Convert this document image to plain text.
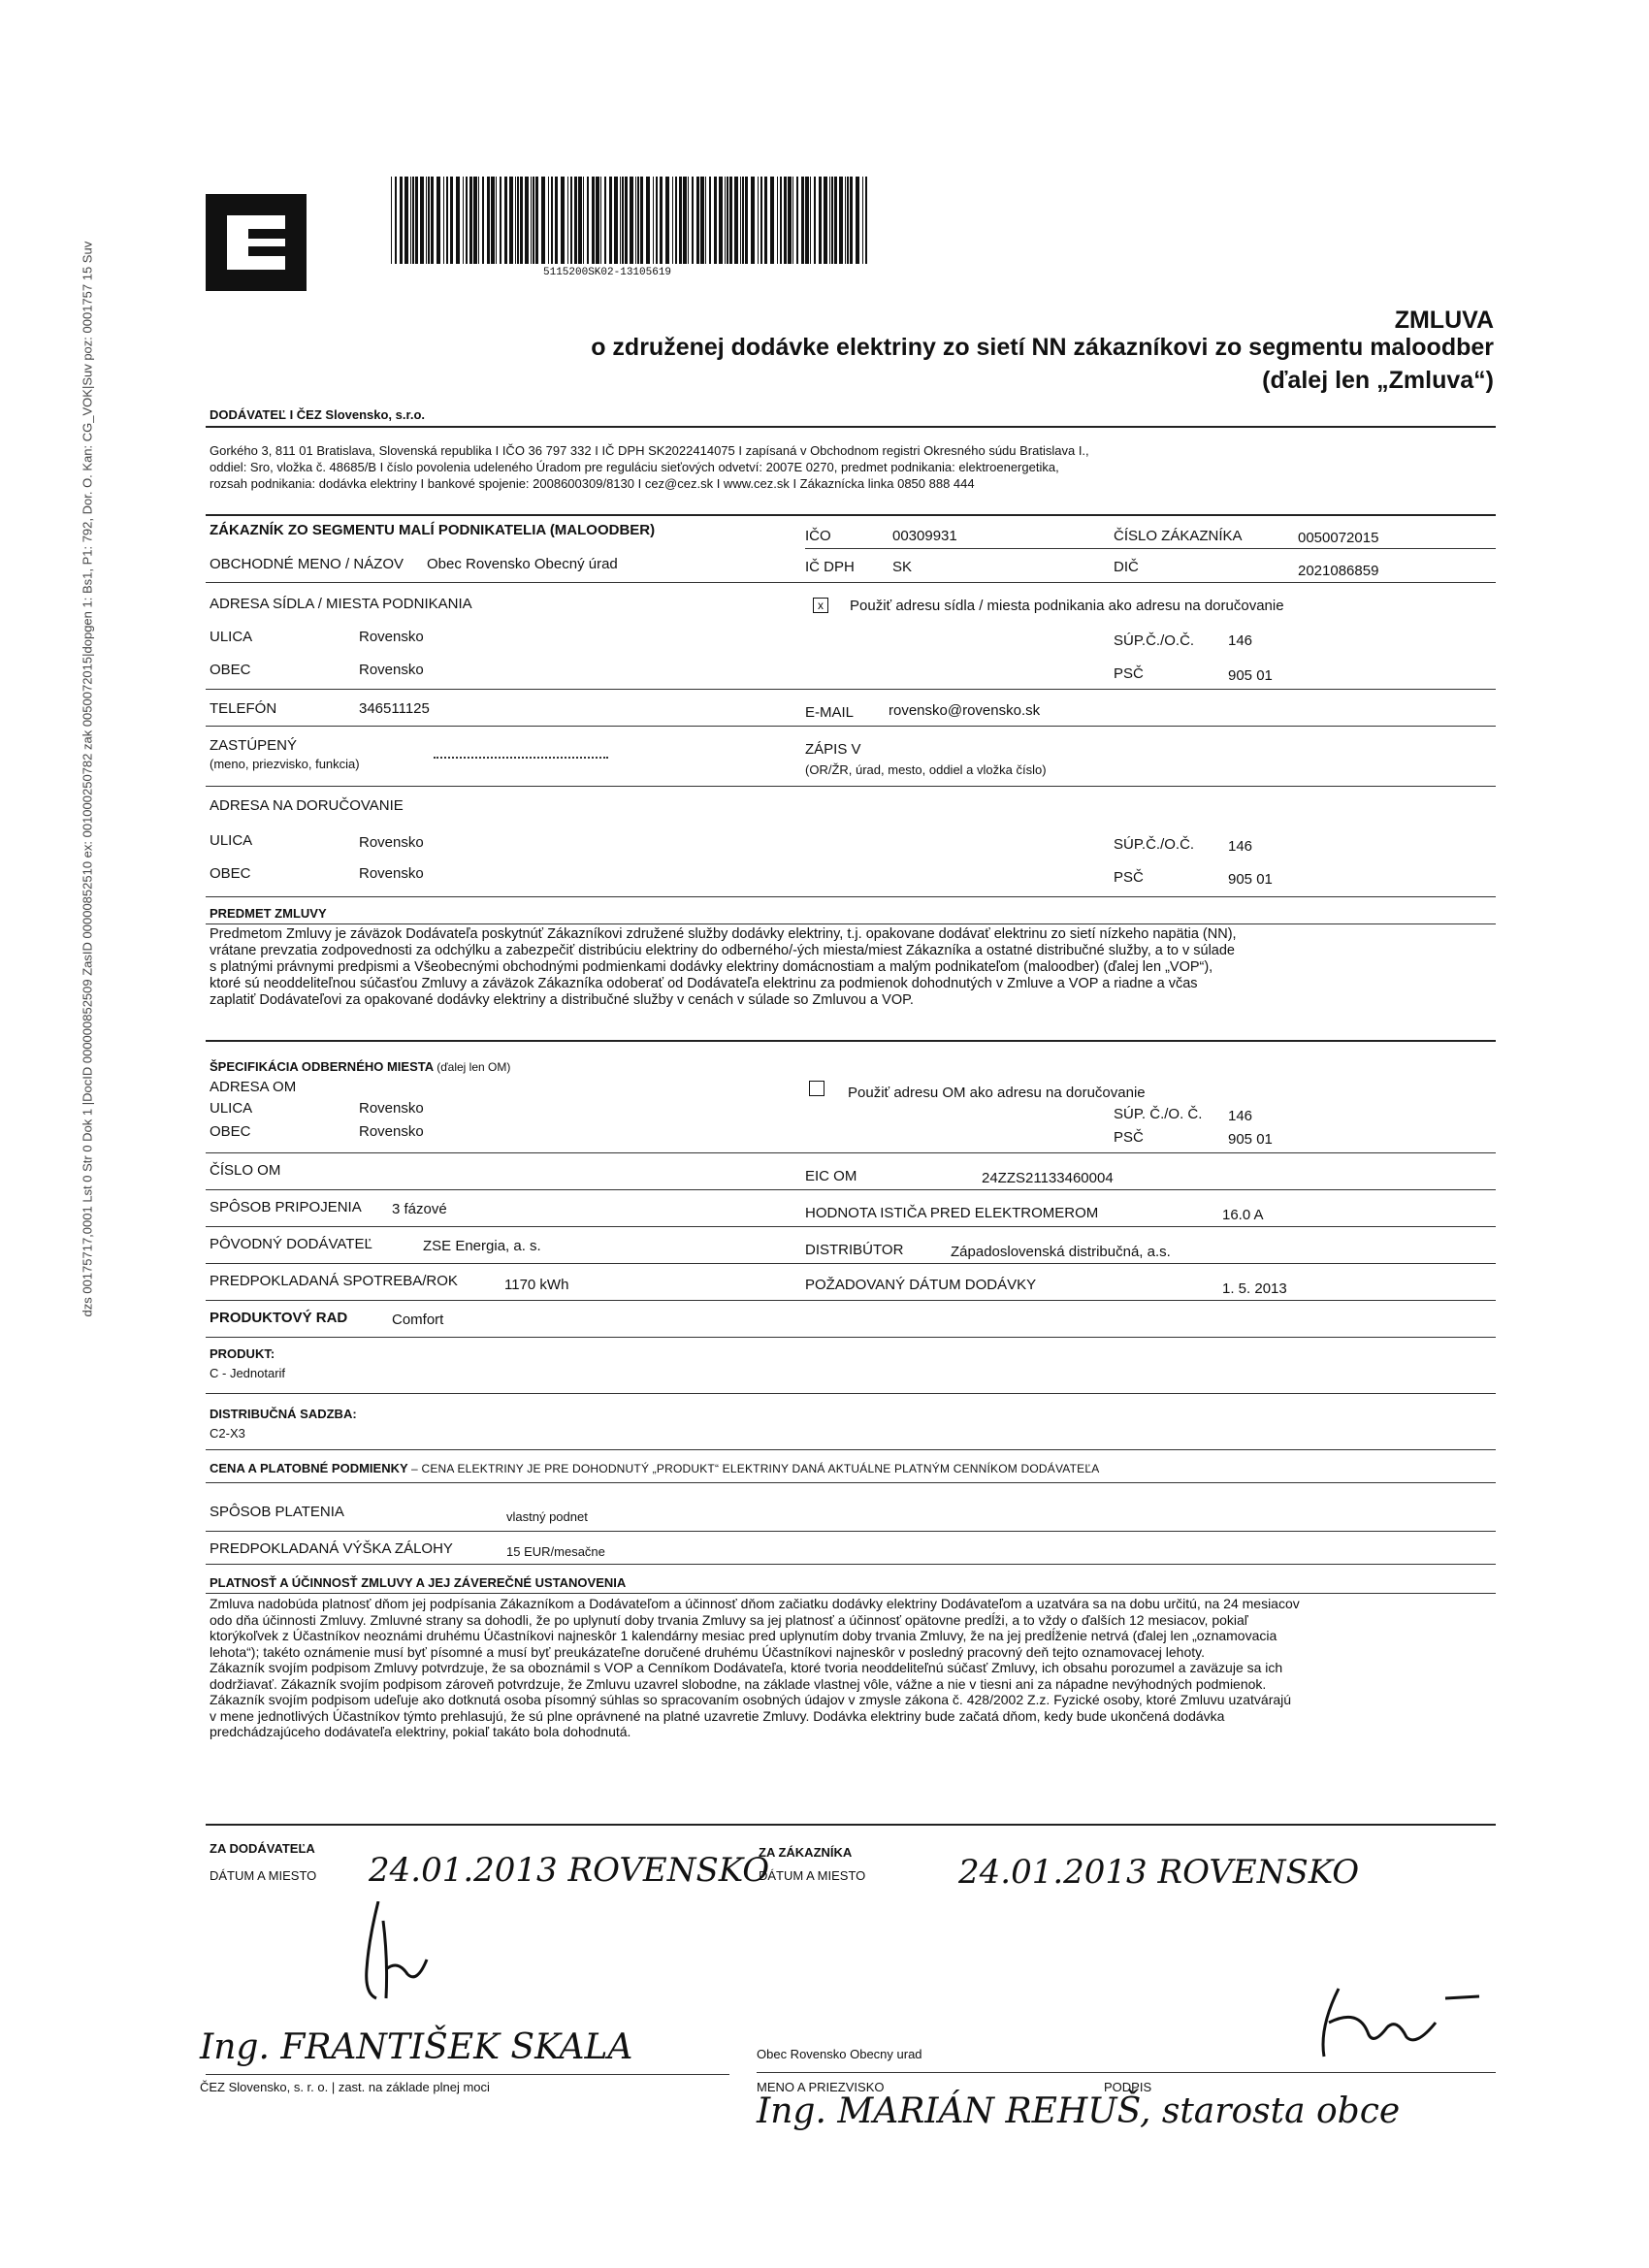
dzs 00175717,0001 Lst 0 Str 0 Dok 1 |DocID 000000852509 ZasID 00000852510 ex: 001000250782 zak 0050072015|dopgen 1: Bs1, P1: 792, Dor. O. Kan: CG_VOK|Suv poz: 0001757 15 Suv	5115200SK02-13105619
ZMLUVA
o združenej dodávke elektriny zo sietí NN zákazníkovi zo segmentu maloodber
(ďalej len „Zmluva“)
DODÁVATEĽ I ČEZ Slovensko, s.r.o.
Gorkého 3, 811 01 Bratislava, Slovenská republika I IČO 36 797 332 I IČ DPH SK2022414075 I zapísaná v Obchodnom registri Okresného súdu Bratislava I.,
oddiel: Sro, vložka č. 48685/B I číslo povolenia udeleného Úradom pre reguláciu sieťových odvetví: 2007E 0270, predmet podnikania: elektroenergetika,
rozsah podnikania: dodávka elektriny I bankové spojenie: 2008600309/8130 I cez@cez.sk I www.cez.sk I Zákaznícka linka 0850 888 444
ZÁKAZNÍK ZO SEGMENTU MALÍ PODNIKATELIA (MALOODBER)	IČO	00309931	ČÍSLO ZÁKAZNÍKA	0050072015
OBCHODNÉ MENO / NÁZOV Obec Rovensko Obecný úrad	IČ DPH	SK	DIČ	2021086859
ADRESA SÍDLA / MIESTA PODNIKANIA	x	Použiť adresu sídla / miesta podnikania ako adresu na doručovanie
ULICA	Rovensko	SÚP.Č./O.Č. 146
OBEC	Rovensko	PSČ	905 01
TELEFÓN	346511125	E-MAIL rovensko@rovensko.sk
ZASTÚPENÝ
(meno, priezvisko, funkcia)
ZÁPIS V
(OR/ŽR, úrad, mesto, oddiel a vložka číslo)
ADRESA NA DORUČOVANIE
ULICA	Rovensko	SÚP.Č./O.Č. 146
OBEC	Rovensko	PSČ	905 01
PREDMET ZMLUVY
Predmetom Zmluvy je záväzok Dodávateľa poskytnúť Zákazníkovi združené služby dodávky elektriny, t.j. opakovane dodávať elektrinu zo sietí nízkeho napätia (NN),
vrátane prevzatia zodpovednosti za odchýlku a zabezpečiť distribúciu elektriny do odberného/-ých miesta/miest Zákazníka a ostatné distribučné služby, a to v súlade
s platnými právnymi predpismi a Všeobecnými obchodnými podmienkami dodávky elektriny domácnostiam a malým podnikateľom (maloodber) (ďalej len „VOP“),
ktoré sú neoddeliteľnou súčasťou Zmluvy a záväzok Zákazníka odoberať od Dodávateľa elektrinu za podmienok dohodnutých v Zmluve a VOP a riadne a včas
zaplatiť Dodávateľovi za opakované dodávky elektriny a distribučné služby v cenách v súlade so Zmluvou a VOP.
ŠPECIFIKÁCIA ODBERNÉHO MIESTA (ďalej len OM)
ADRESA OM	Použiť adresu OM ako adresu na doručovanie
ULICA	Rovensko	SÚP. Č./O. Č. 146
OBEC	Rovensko	PSČ	905 01
ČÍSLO OM	EIC OM	24ZZS21133460004
SPÔSOB PRIPOJENIA 3 fázové	HODNOTA ISTIČA PRED ELEKTROMEROM	16.0 A
PÔVODNÝ DODÁVATEĽ	ZSE Energia, a. s.	DISTRIBÚTOR	Západoslovenská distribučná, a.s.
PREDPOKLADANÁ SPOTREBA/ROK	1170 kWh	POŽADOVANÝ DÁTUM DODÁVKY	1. 5. 2013
PRODUKTOVÝ RAD	Comfort
PRODUKT:
C - Jednotarif
DISTRIBUČNÁ SADZBA:
C2-X3
CENA A PLATOBNÉ PODMIENKY – CENA ELEKTRINY JE PRE DOHODNUTÝ „PRODUKT“ ELEKTRINY DANÁ AKTUÁLNE PLATNÝM CENNÍKOM DODÁVATEĽA
SPÔSOB PLATENIA	vlastný podnet
PREDPOKLADANÁ VÝŠKA ZÁLOHY	15 EUR/mesačne
PLATNOSŤ A ÚČINNOSŤ ZMLUVY A JEJ ZÁVEREČNÉ USTANOVENIA
Zmluva nadobúda platnosť dňom jej podpísania Zákazníkom a Dodávateľom a účinnosť dňom začiatku dodávky elektriny Dodávateľom a uzatvára sa na dobu určitú, na 24 mesiacov
odo dňa účinnosti Zmluvy. Zmluvné strany sa dohodli, že po uplynutí doby trvania Zmluvy sa jej platnosť a účinnosť opätovne predĺži, a to vždy o ďalších 12 mesiacov, pokiaľ
ktorýkoľvek z Účastníkov neoznámi druhému Účastníkovi najneskôr 1 kalendárny mesiac pred uplynutím doby trvania Zmluvy, že na jej predĺženie netrvá (ďalej len „oznamovacia
lehota“); takéto oznámenie musí byť písomné a musí byť preukázateľne doručené druhému Účastníkovi najneskôr v posledný pracovný deň tejto oznamovacej lehoty.
Zákazník svojím podpisom Zmluvy potvrdzuje, že sa oboznámil s VOP a Cenníkom Dodávateľa, ktoré tvoria neoddeliteľnú súčasť Zmluvy, ich obsahu porozumel a zaväzuje sa ich
dodržiavať. Zákazník svojím podpisom zároveň potvrdzuje, že Zmluvu uzavrel slobodne, na základe vlastnej vôle, vážne a nie v tiesni ani za nápadne nevýhodných podmienok.
Zákazník svojím podpisom udeľuje ako dotknutá osoba písomný súhlas so spracovaním osobných údajov v zmysle zákona č. 428/2002 Z.z. Fyzické osoby, ktoré Zmluvu uzatvárajú
v mene jednotlivých Účastníkov týmto prehlasujú, že sú plne oprávnené na platné uzavretie Zmluvy. Dodávka elektriny bude začatá dňom, kedy bude ukončená dodávka
predchádzajúceho dodávateľa elektriny, pokiaľ takáto bola dohodnutá.
ZA DODÁVATEĽA
DÁTUM A MIESTO 24.01.2013 ROVENSKO
ZA ZÁKAZNÍKA
DÁTUM A MIESTO	24.01.2013 ROVENSKO
Ing. FRANTIŠEK SKALA
ČEZ Slovensko, s. r. o. | zast. na základe plnej moci
Obec Rovensko Obecny urad
MENO A PRIEZVISKO	PODPIS
Ing. MARIÁN REHUŠ, starosta obce
